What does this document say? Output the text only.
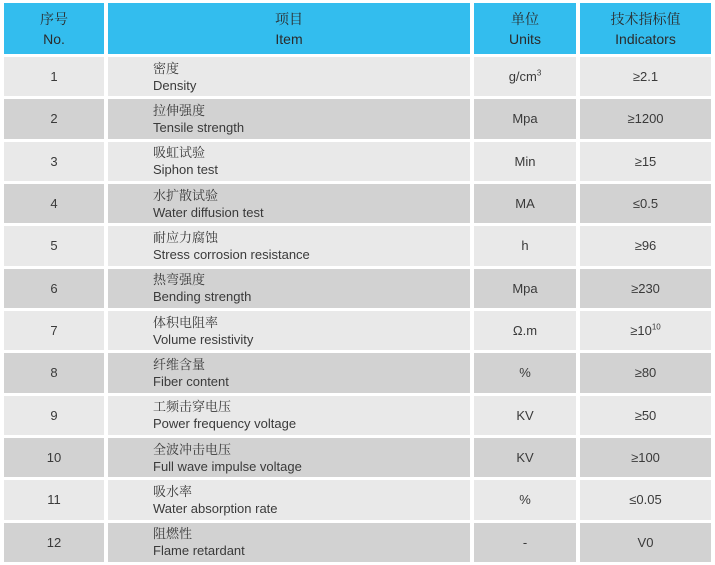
序号
No.

项目
Item

单位
Units

技术指标值
Indicators

1	密度
Density	$g/cm^3$	≥2.1
2	拉伸强度
Tensile strength	Mpa	≥1200
3	吸虹试验
Siphon test	Min	≥15
4	水扩散试验
Water diffusion test	MA	≤0.5
5	耐应力腐蚀
Stress corrosion resistance	h	≥96
6	热弯强度
Bending strength	Mpa	≥230
7	体积电阻率
Volume resistivity	Ω.m	$\ge 10^{10}$
8	纤维含量
Fiber content	%	≥80
9	工频击穿电压
Power frequency voltage	KV	≥50
10	全波冲击电压
Full wave impulse voltage	KV	≥100
11	吸水率
Water absorption rate	%	≤0.05
12	阻燃性
Flame retardant	-	V0
